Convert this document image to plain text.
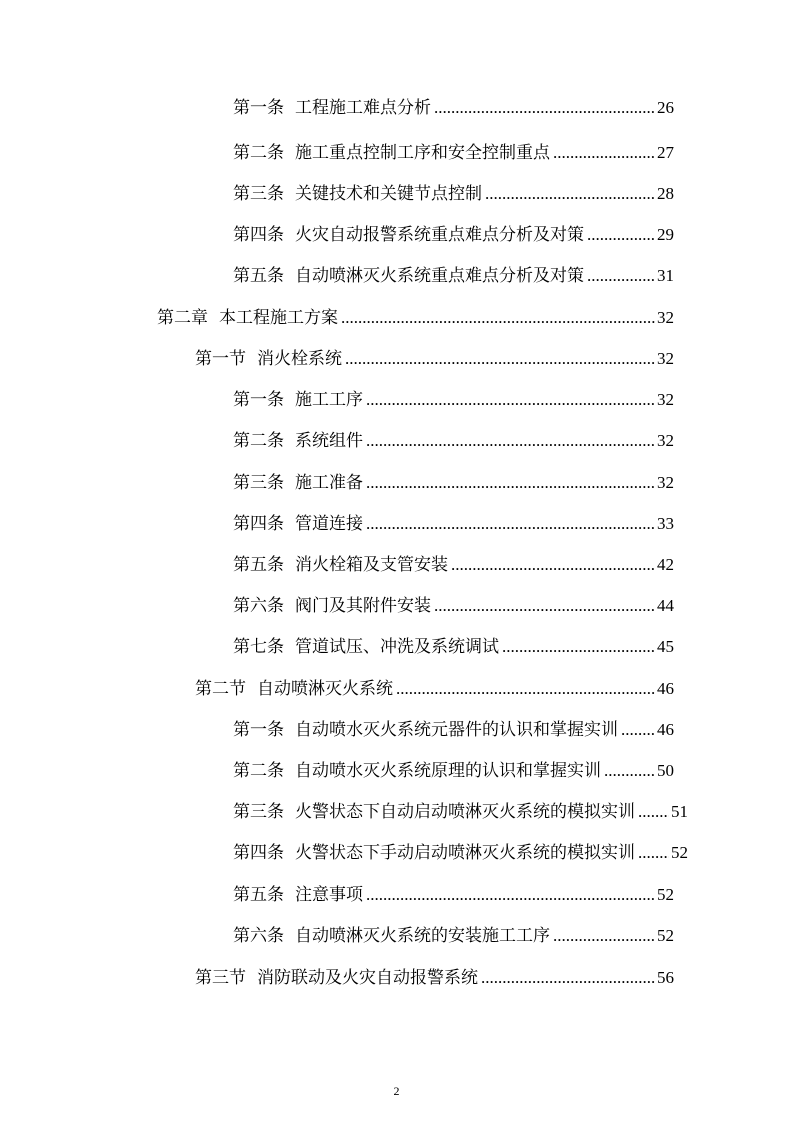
第一条 工程施工难点分析 .....	26
第二条 施工重点控制工序和安全控制重点 .....	27
第三条 关键技术和关键节点控制 .....	28
第四条 火灾自动报警系统重点难点分析及对策 .....	29
第五条 自动喷淋灭火系统重点难点分析及对策 .....	31
第二章 本工程施工方案 .....	32
第一节 消火栓系统 .....	32
第一条 施工工序 .....	32
第二条 系统组件 .....	32
第三条 施工准备 .....	32
第四条 管道连接 .....	33
第五条 消火栓箱及支管安装 .....	42
第六条 阀门及其附件安装 .....	44
第七条 管道试压、冲洗及系统调试 .....	45
第二节 自动喷淋灭火系统 .....	46
第一条 自动喷水灭火系统元器件的认识和掌握实训 ..... 46
第二条 自动喷水灭火系统原理的认识和掌握实训 .....	50
第三条 火警状态下自动启动喷淋灭火系统的模拟实训 ..... 51
第四条 火警状态下手动启动喷淋灭火系统的模拟实训 ..... 52
第五条 注意事项 .....	52
第六条 自动喷淋灭火系统的安装施工工序 .....	52
第三节 消防联动及火灾自动报警系统 .....	56
2
